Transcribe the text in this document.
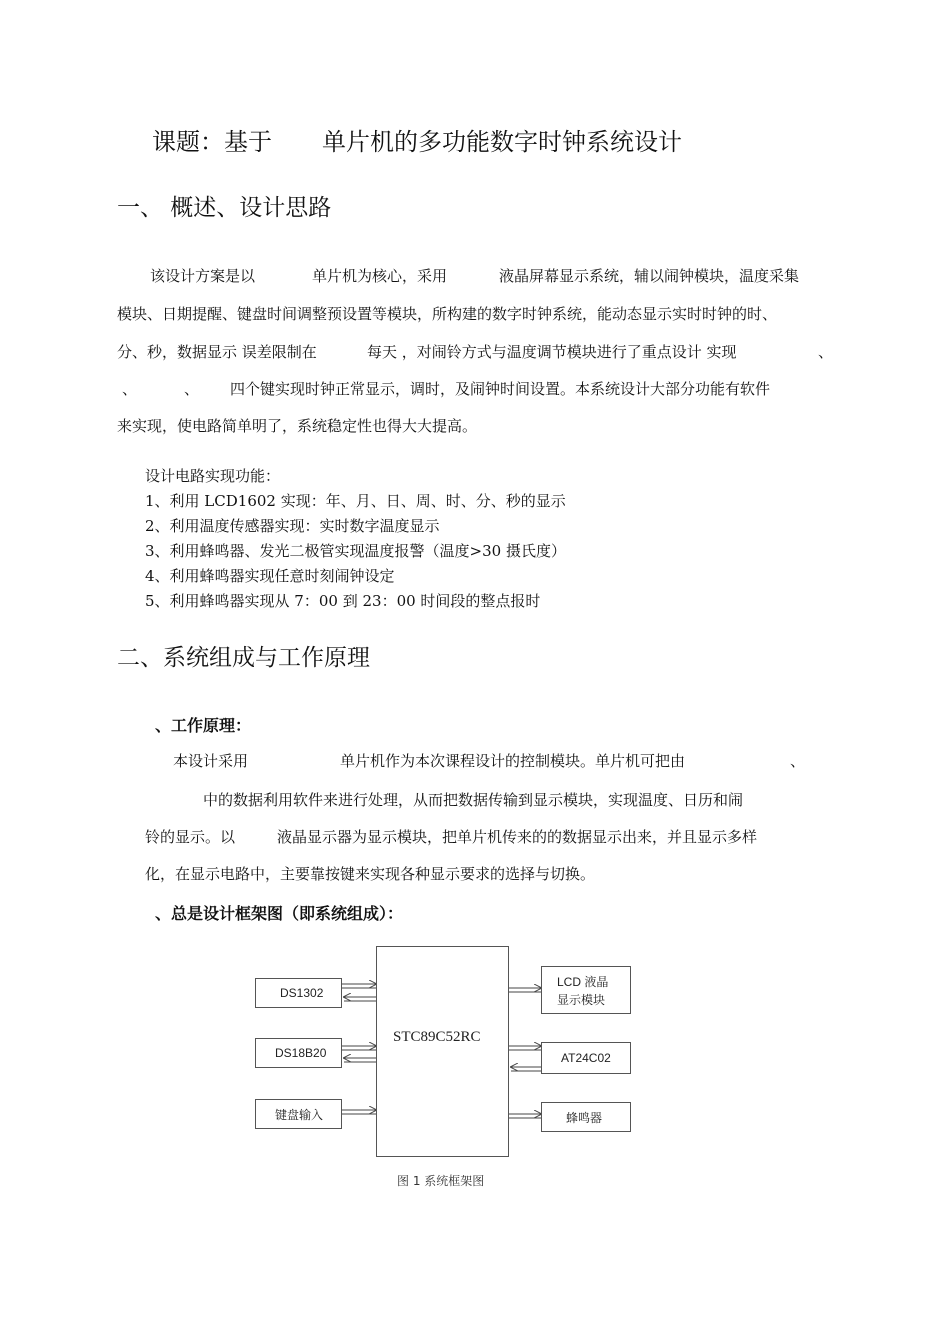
课题：基于 单片机的多功能数字时钟系统设计
一、 概述、设计思路
该设计方案是以	单片机为核心，采用	液晶屏幕显示系统，辅以闹钟模块，温度采集
模块、日期提醒、键盘时间调整预设置等模块，所构建的数字时钟系统，能动态显示实时时钟的时、
分、秒，数据显示 误差限制在	每天 ，对闹铃方式与温度调节模块进行了重点设计 实现	、
、	、 四个键实现时钟正常显示，调时，及闹钟时间设置。本系统设计大部分功能有软件
来实现，使电路简单明了，系统稳定性也得大大提高。
设计电路实现功能：
1、利用 LCD1602 实现：年、月、日、周、时、分、秒的显示
2、利用温度传感器实现：实时数字温度显示
3、利用蜂鸣器、发光二极管实现温度报警（温度>30 摄氏度）
4、利用蜂鸣器实现任意时刻闹钟设定
5、利用蜂鸣器实现从 7：00 到 23：00 时间段的整点报时
二、系统组成与工作原理
、工作原理：
本设计采用	单片机作为本次课程设计的控制模块。单片机可把由	、
中的数据利用软件来进行处理，从而把数据传输到显示模块，实现温度、日历和闹
铃的显示。以	液晶显示器为显示模块，把单片机传来的的数据显示出来，并且显示多样
化，在显示电路中，主要靠按键来实现各种显示要求的选择与切换。
、总是设计框架图（即系统组成）：
STC89C52RC
DS1302
DS18B20
键盘输入
LCD 液晶
显示模块
AT24C02
蜂鸣器
图 1 系统框架图
